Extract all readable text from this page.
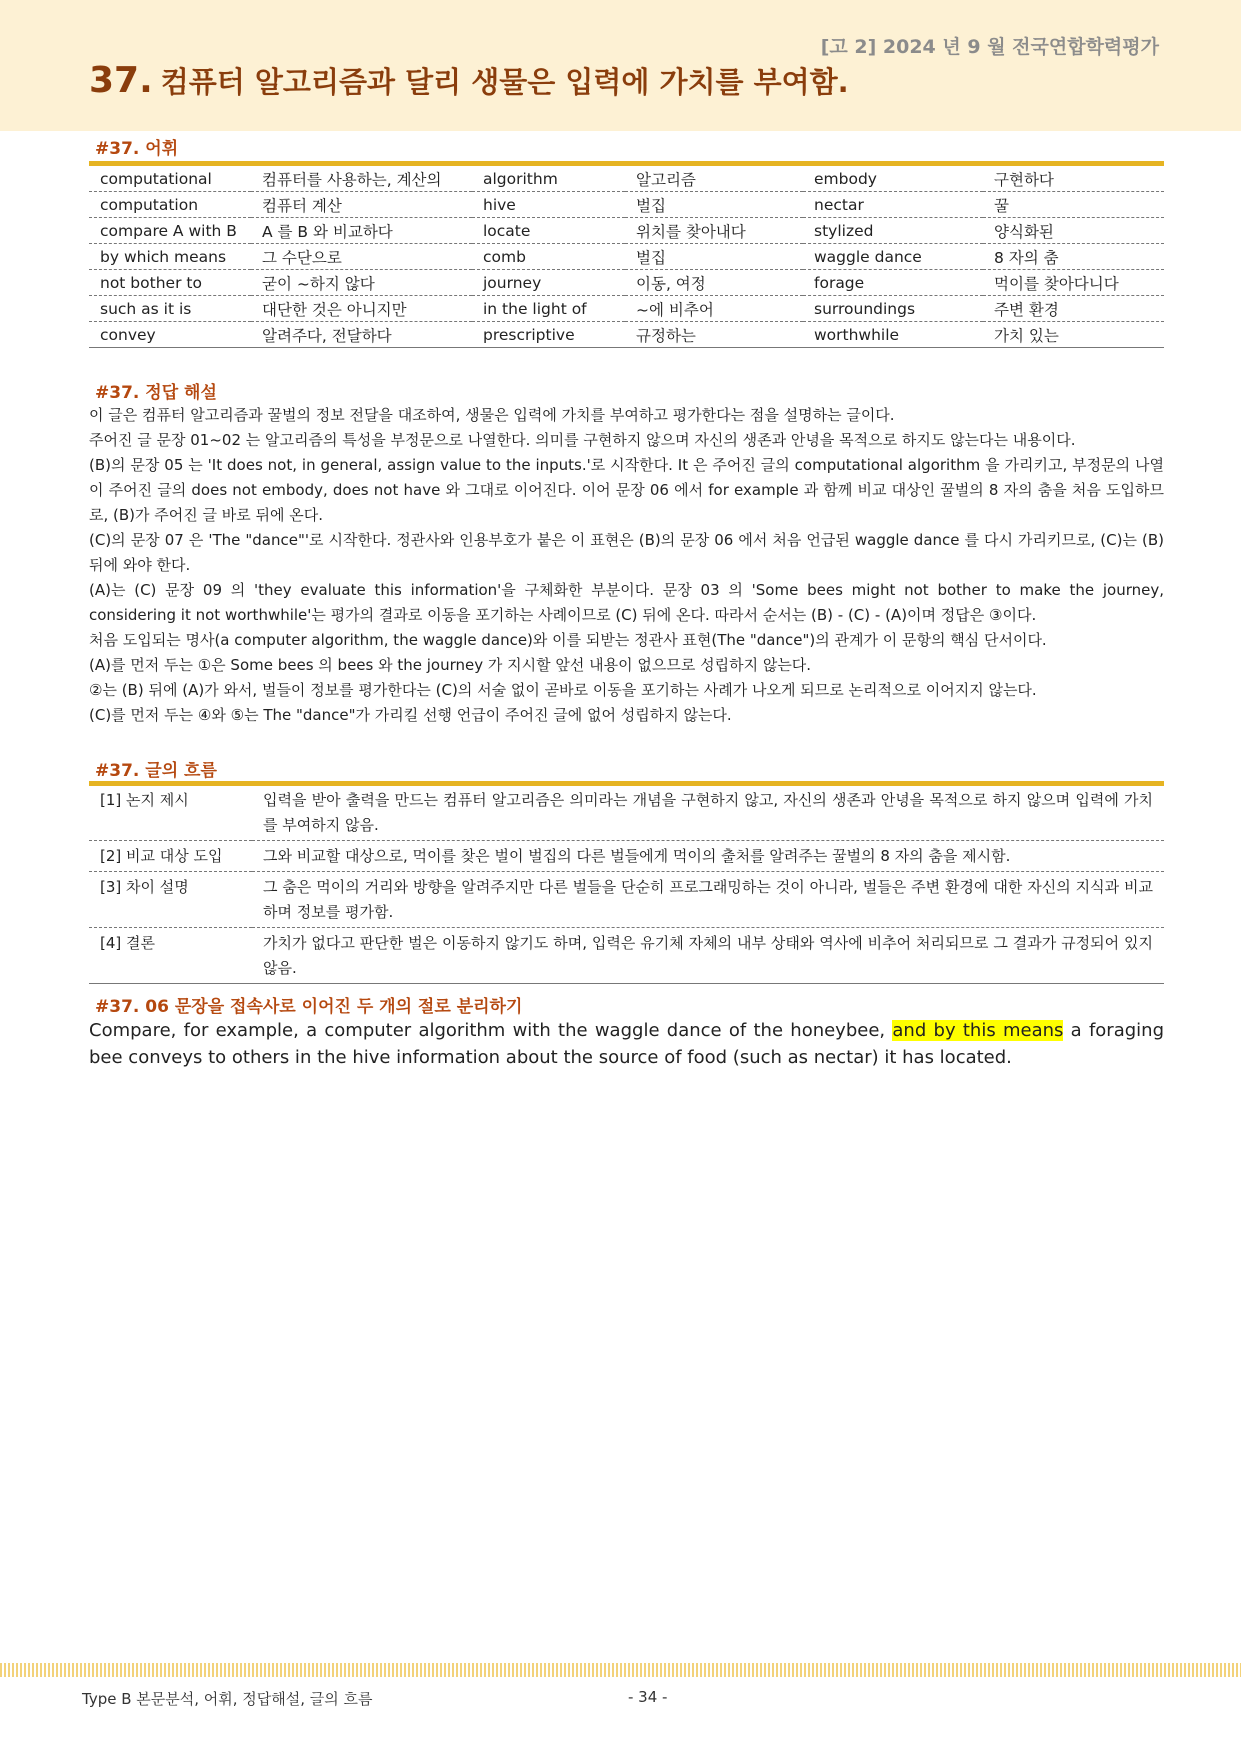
[고 2] 2024 년 9 월 전국연합학력평가
37. 컴퓨터 알고리즘과 달리 생물은 입력에 가치를 부여함.
#37. 어휘
computational	컴퓨터를 사용하는, 계산의	algorithm	알고리즘	embody	구현하다
computation	컴퓨터 계산	hive	벌집	nectar	꿀
compare A with B	A 를 B 와 비교하다	locate	위치를 찾아내다	stylized	양식화된
by which means	그 수단으로	comb	벌집	waggle dance	8 자의 춤
not bother to	굳이 ~하지 않다	journey	이동, 여정	forage	먹이를 찾아다니다
such as it is	대단한 것은 아니지만	in the light of	~에 비추어	surroundings	주변 환경
convey	알려주다, 전달하다	prescriptive	규정하는	worthwhile	가치 있는
#37. 정답 해설

이 글은 컴퓨터 알고리즘과 꿀벌의 정보 전달을 대조하여, 생물은 입력에 가치를 부여하고 평가한다는 점을 설명하는 글이다.

주어진 글 문장 01~02 는 알고리즘의 특성을 부정문으로 나열한다. 의미를 구현하지 않으며 자신의 생존과 안녕을 목적으로 하지도 않는다는 내용이다.

(B)의 문장 05 는 'It does not, in general, assign value to the inputs.'로 시작한다. It 은 주어진 글의 computational algorithm 을 가리키고, 부정문의 나열이 주어진 글의 does not embody, does not have 와 그대로 이어진다. 이어 문장 06 에서 for example 과 함께 비교 대상인 꿀벌의 8 자의 춤을 처음 도입하므로, (B)가 주어진 글 바로 뒤에 온다.

(C)의 문장 07 은 'The "dance"'로 시작한다. 정관사와 인용부호가 붙은 이 표현은 (B)의 문장 06 에서 처음 언급된 waggle dance 를 다시 가리키므로, (C)는 (B) 뒤에 와야 한다.

(A)는 (C) 문장 09 의 'they evaluate this information'을 구체화한 부분이다. 문장 03 의 'Some bees might not bother to make the journey, considering it not worthwhile'는 평가의 결과로 이동을 포기하는 사례이므로 (C) 뒤에 온다. 따라서 순서는 (B) - (C) - (A)이며 정답은 ③이다.

처음 도입되는 명사(a computer algorithm, the waggle dance)와 이를 되받는 정관사 표현(The "dance")의 관계가 이 문항의 핵심 단서이다.

(A)를 먼저 두는 ①은 Some bees 의 bees 와 the journey 가 지시할 앞선 내용이 없으므로 성립하지 않는다.

②는 (B) 뒤에 (A)가 와서, 벌들이 정보를 평가한다는 (C)의 서술 없이 곧바로 이동을 포기하는 사례가 나오게 되므로 논리적으로 이어지지 않는다.

(C)를 먼저 두는 ④와 ⑤는 The "dance"가 가리킬 선행 언급이 주어진 글에 없어 성립하지 않는다.

#37. 글의 흐름
[1] 논지 제시	입력을 받아 출력을 만드는 컴퓨터 알고리즘은 의미라는 개념을 구현하지 않고, 자신의 생존과 안녕을 목적으로 하지 않으며 입력에 가치를 부여하지 않음.
[2] 비교 대상 도입	그와 비교할 대상으로, 먹이를 찾은 벌이 벌집의 다른 벌들에게 먹이의 출처를 알려주는 꿀벌의 8 자의 춤을 제시함.
[3] 차이 설명	그 춤은 먹이의 거리와 방향을 알려주지만 다른 벌들을 단순히 프로그래밍하는 것이 아니라, 벌들은 주변 환경에 대한 자신의 지식과 비교하며 정보를 평가함.
[4] 결론	가치가 없다고 판단한 벌은 이동하지 않기도 하며, 입력은 유기체 자체의 내부 상태와 역사에 비추어 처리되므로 그 결과가 규정되어 있지 않음.
#37. 06 문장을 접속사로 이어진 두 개의 절로 분리하기
Compare, for example, a computer algorithm with the waggle dance of the honeybee, and by this means a foraging bee conveys to others in the hive information about the source of food (such as nectar) it has located.
Type B 본문분석, 어휘, 정답해설, 글의 흐름	- 34 -
